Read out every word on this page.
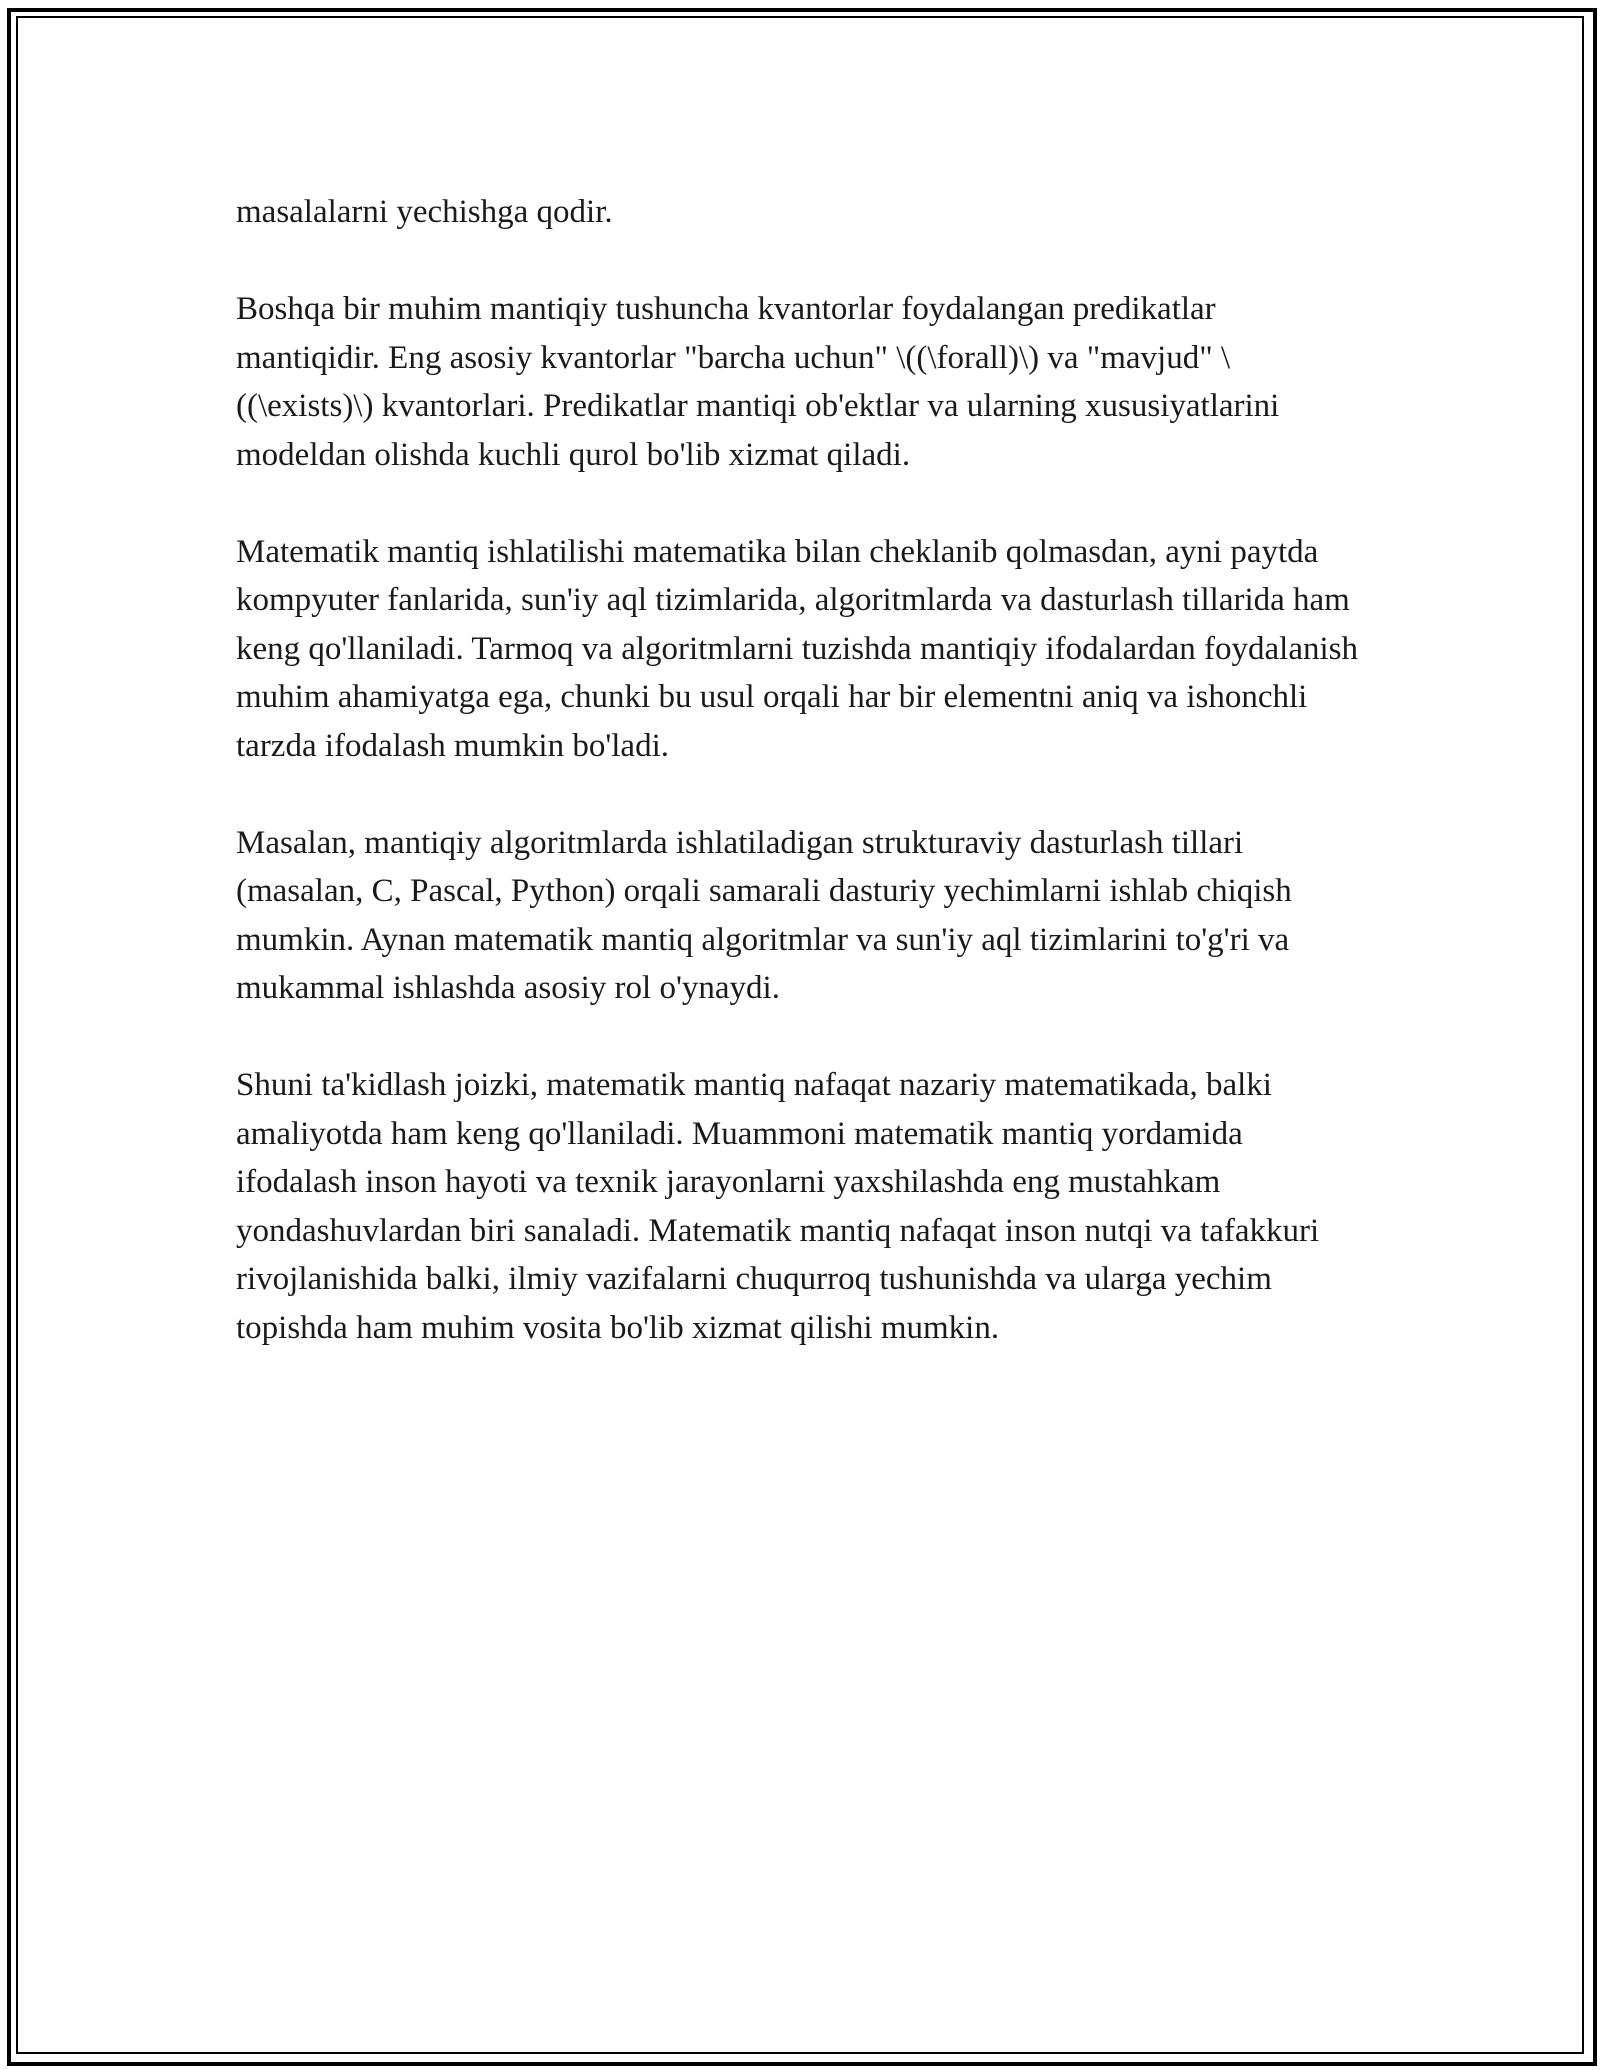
masalalarni yechishga qodir.

Boshqa bir muhim mantiqiy tushuncha kvantorlar foydalangan predikatlar mantiqidir. Eng asosiy kvantorlar "barcha uchun" \((\forall)\) va "mavjud" \((\exists)\) kvantorlari. Predikatlar mantiqi ob'ektlar va ularning xususiyatlarini modeldan olishda kuchli qurol bo'lib xizmat qiladi.

Matematik mantiq ishlatilishi matematika bilan cheklanib qolmasdan, ayni paytda kompyuter fanlarida, sun'iy aql tizimlarida, algoritmlarda va dasturlash tillarida ham keng qo'llaniladi. Tarmoq va algoritmlarni tuzishda mantiqiy ifodalardan foydalanish muhim ahamiyatga ega, chunki bu usul orqali har bir elementni aniq va ishonchli tarzda ifodalash mumkin bo'ladi.

Masalan, mantiqiy algoritmlarda ishlatiladigan strukturaviy dasturlash tillari (masalan, C, Pascal, Python) orqali samarali dasturiy yechimlarni ishlab chiqish mumkin. Aynan matematik mantiq algoritmlar va sun'iy aql tizimlarini to'g'ri va mukammal ishlashda asosiy rol o'ynaydi.

Shuni ta'kidlash joizki, matematik mantiq nafaqat nazariy matematikada, balki amaliyotda ham keng qo'llaniladi. Muammoni matematik mantiq yordamida ifodalash inson hayoti va texnik jarayonlarni yaxshilashda eng mustahkam yondashuvlardan biri sanaladi. Matematik mantiq nafaqat inson nutqi va tafakkuri rivojlanishida balki, ilmiy vazifalarni chuqurroq tushunishda va ularga yechim topishda ham muhim vosita bo'lib xizmat qilishi mumkin.
